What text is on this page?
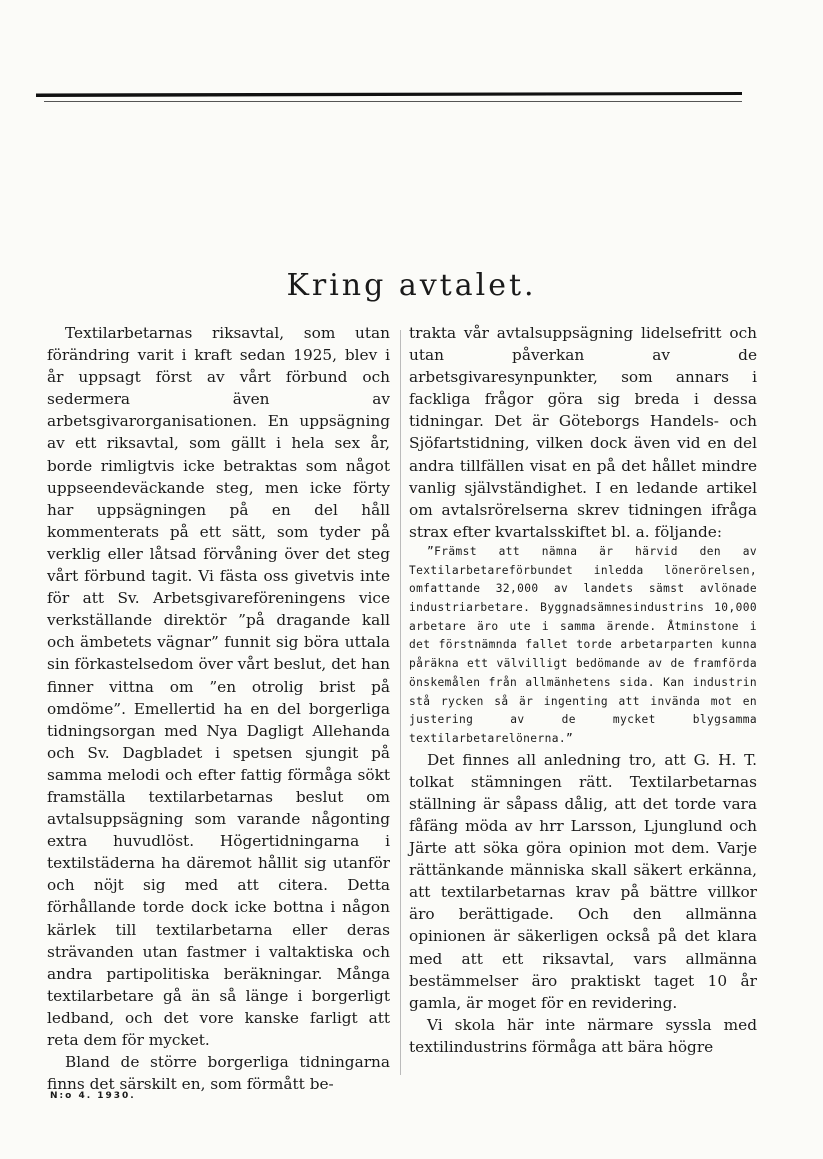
Kring avtalet.

Textilarbetarnas riksavtal, som utan förändring varit i kraft sedan 1925, blev i år uppsagt först av vårt förbund och sedermera även av arbetsgivarorganisationen. En uppsägning av ett riksavtal, som gällt i hela sex år, borde rimligtvis icke betraktas som något uppseendeväckande steg, men icke förty har uppsägningen på en del håll kommenterats på ett sätt, som tyder på verklig eller låtsad förvåning över det steg vårt förbund tagit. Vi fästa oss givetvis inte för att Sv. Arbetsgivareföreningens vice verkställande direktör ”på dragande kall och ämbetets vägnar” funnit sig böra uttala sin förkastelsedom över vårt beslut, det han finner vittna om ”en otrolig brist på omdöme”. Emellertid ha en del borgerliga tidningsorgan med Nya Dagligt Allehanda och Sv. Dagbladet i spetsen sjungit på samma melodi och efter fattig förmåga sökt framställa textilarbetarnas beslut om avtalsuppsägning som varande någonting extra huvudlöst. Högertidningarna i textilstäderna ha däremot hållit sig utanför och nöjt sig med att citera. Detta förhållande torde dock icke bottna i någon kärlek till textilarbetarna eller deras strävanden utan fastmer i valtaktiska och andra partipolitiska beräkningar. Många textilarbetare gå än så länge i borgerligt ledband, och det vore kanske farligt att reta dem för mycket.

Bland de större borgerliga tidningarna finns det särskilt en, som förmått be-

trakta vår avtalsuppsägning lidelsefritt och utan påverkan av de arbetsgivaresynpunkter, som annars i fackliga frågor göra sig breda i dessa tidningar. Det är Göteborgs Handels- och Sjöfartstidning, vilken dock även vid en del andra tillfällen visat en på det hållet mindre vanlig självständighet. I en ledande artikel om avtalsrörelserna skrev tidningen ifråga strax efter kvartalsskiftet bl. a. följande:

”Främst att nämna är härvid den av Textilarbetareförbundet inledda lönerörelsen, omfattande 32,000 av landets sämst avlönade industriarbetare. Byggnadsämnesindustrins 10,000 arbetare äro ute i samma ärende. Åtminstone i det förstnämnda fallet torde arbetarparten kunna påräkna ett välvilligt bedömande av de framförda önskemålen från allmänhetens sida. Kan industrin stå rycken så är ingenting att invända mot en justering av de mycket blygsamma textilarbetarelönerna.”

Det finnes all anledning tro, att G. H. T. tolkat stämningen rätt. Textilarbetarnas ställning är såpass dålig, att det torde vara fåfäng möda av hrr Larsson, Ljunglund och Järte att söka göra opinion mot dem. Varje rättänkande människa skall säkert erkänna, att textilarbetarnas krav på bättre villkor äro berättigade. Och den allmänna opinionen är säkerligen också på det klara med att ett riksavtal, vars allmänna bestämmelser äro praktiskt taget 10 år gamla, är moget för en revidering.

Vi skola här inte närmare syssla med textilindustrins förmåga att bära högre

N:o 4. 1930.
